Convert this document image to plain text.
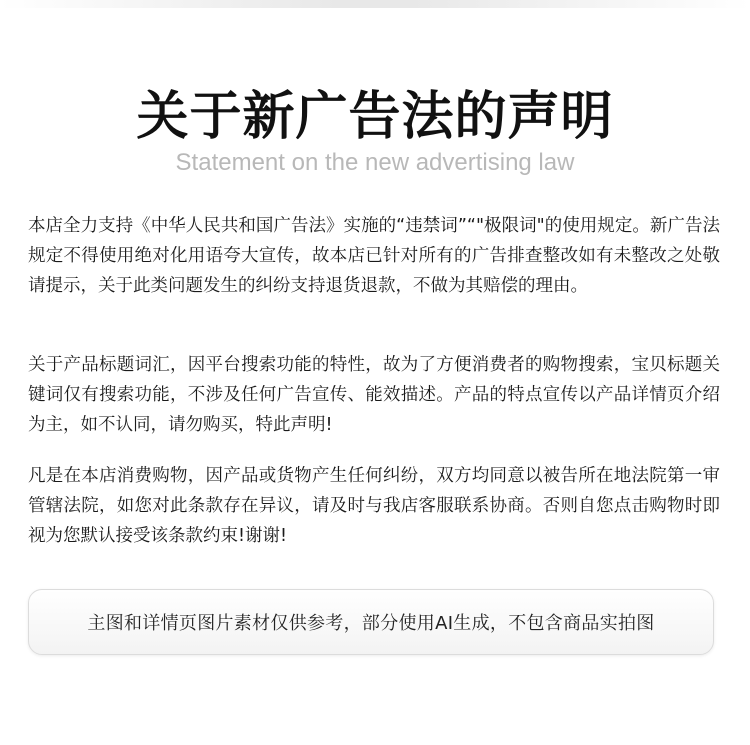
关于新广告法的声明
Statement on the new advertising law

本店全力支持《中华人民共和国广告法》实施的“违禁词”“"极限词"的使用规定。新广告法规定不得使用绝对化用语夸大宣传，故本店已针对所有的广告排查整改如有未整改之处敬请提示，关于此类问题发生的纠纷支持退货退款，不做为其赔偿的理由。

关于产品标题词汇，因平台搜索功能的特性，故为了方便消费者的购物搜索，宝贝标题关键词仅有搜索功能，不涉及任何广告宣传、能效描述。产品的特点宣传以产品详情页介绍为主，如不认同，请勿购买，特此声明!

凡是在本店消费购物，因产品或货物产生任何纠纷，双方均同意以被告所在地法院第一审管辖法院，如您对此条款存在异议，请及时与我店客服联系协商。否则自您点击购物时即视为您默认接受该条款约束!谢谢!

主图和详情页图片素材仅供参考，部分使用AI生成，不包含商品实拍图
